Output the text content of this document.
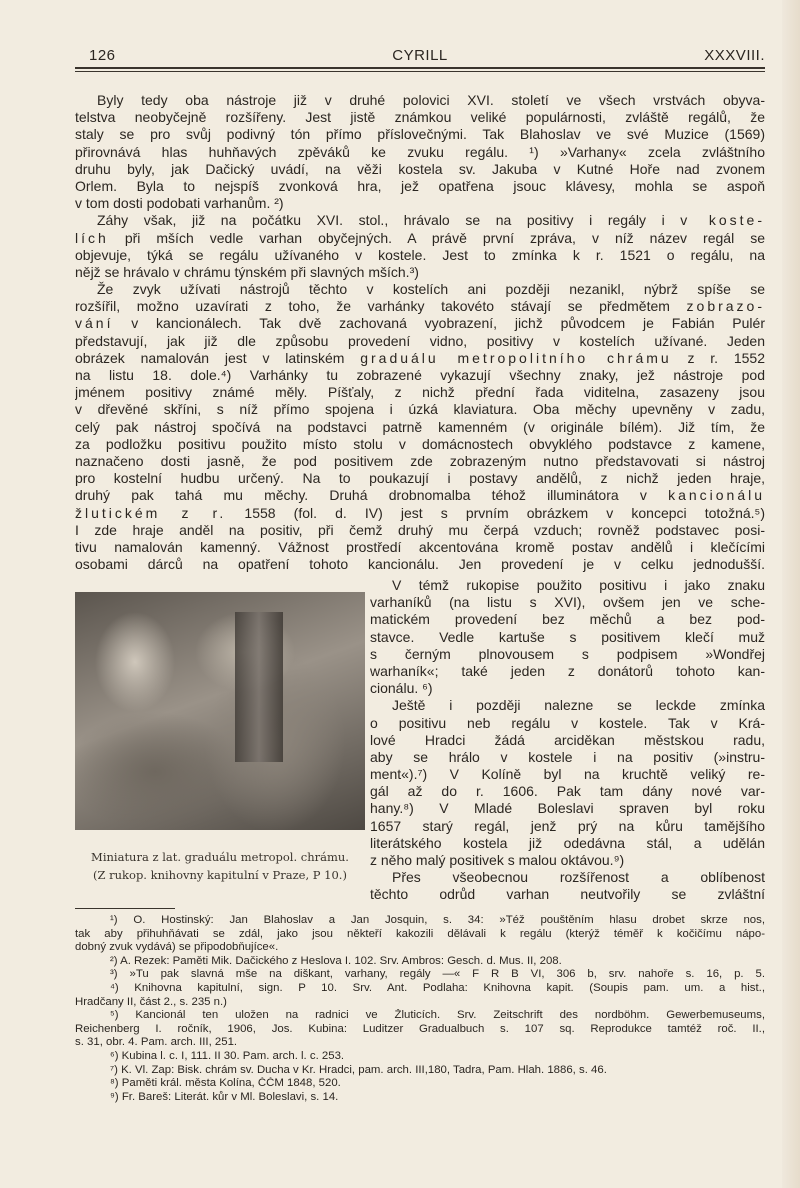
126	CYRILL	XXXVIII.
Byly tedy oba nástroje již v druhé polovici XVI. století ve všech vrstvách obyva-
telstva neobyčejně rozšířeny. Jest jistě známkou veliké populárnosti, zvláště regálů, že
staly se pro svůj podivný tón přímo příslovečnými. Tak Blahoslav ve své Muzice (1569)
přirovnává hlas huhňavých zpěváků ke zvuku regálu. ¹) »Varhany« zcela zvláštního
druhu byly, jak Dačický uvádí, na věži kostela sv. Jakuba v Kutné Hoře nad zvonem
Orlem. Byla to nejspíš zvonková hra, jež opatřena jsouc klávesy, mohla se aspoň
v tom dosti podobati varhanům. ²)
Záhy však, již na počátku XVI. stol., hrávalo se na positivy i regály i v koste-
lích při mších vedle varhan obyčejných. A právě první zpráva, v níž název regál se
objevuje, týká se regálu užívaného v kostele. Jest to zmínka k r. 1521 o regálu, na
nějž se hrávalo v chrámu týnském při slavných mších.³)
Že zvyk užívati nástrojů těchto v kostelích ani později nezanikl, nýbrž spíše se
rozšířil, možno uzavírati z toho, že varhánky takovéto stávají se předmětem zobrazo-
vání v kancionálech. Tak dvě zachovaná vyobrazení, jichž původcem je Fabián Pulér
představují, jak již dle způsobu provedení vidno, positivy v kostelích užívané. Jeden
obrázek namalován jest v latinském graduálu metropolitního chrámu z r. 1552
na listu 18. dole.⁴) Varhánky tu zobrazené vykazují všechny znaky, jež nástroje pod
jménem positivy známé měly. Píšťaly, z nichž přední řada viditelna, zasazeny jsou
v dřevěné skříni, s níž přímo spojena i úzká klaviatura. Oba měchy upevněny v zadu,
celý pak nástroj spočívá na podstavci patrně kamenném (v originále bílém). Již tím, že
za podložku positivu použito místo stolu v domácnostech obvyklého podstavce z kamene,
naznačeno dosti jasně, že pod positivem zde zobrazeným nutno představovati si nástroj
pro kostelní hudbu určený. Na to poukazují i postavy andělů, z nichž jeden hraje,
druhý pak tahá mu měchy. Druhá drobnomalba téhož illuminátora v kancionálu
žlutickém z r. 1558 (fol. d. IV) jest s prvním obrázkem v koncepci totožná.⁵)
I zde hraje anděl na positiv, při čemž druhý mu čerpá vzduch; rovněž podstavec posi-
tivu namalován kamenný. Vážnost prostředí akcentována kromě postav andělů i klečícími
osobami dárců na opatření tohoto kancionálu. Jen provedení je v celku jednodušší.
Miniatura z lat. graduálu metropol. chrámu.
(Z rukop. knihovny kapitulní v Praze, P 10.)
V témž rukopise použito positivu i jako znaku
varhaníků (na listu s XVI), ovšem jen ve sche-
matickém provedení bez měchů a bez pod-
stavce. Vedle kartuše s positivem klečí muž
s černým plnovousem s podpisem »Wondřej
warhaník«; také jeden z donátorů tohoto kan-
cionálu. ⁶)
Ještě i později nalezne se leckde zmínka
o positivu neb regálu v kostele. Tak v Krá-
lové Hradci žádá arciděkan městskou radu,
aby se hrálo v kostele i na positiv (»instru-
ment«).⁷) V Kolíně byl na kruchtě veliký re-
gál až do r. 1606. Pak tam dány nové var-
hany.⁸) V Mladé Boleslavi spraven byl roku
1657 starý regál, jenž prý na kůru tamějšího
literátského kostela již odedávna stál, a udělán
z něho malý positivek s malou oktávou.⁹)
Přes všeobecnou rozšířenost a oblíbenost
těchto odrůd varhan neutvořily se zvláštní
¹) O. Hostinský: Jan Blahoslav a Jan Josquin, s. 34: »Též pouštěním hlasu drobet skrze nos,
tak aby přihuhňávati se zdál, jako jsou někteří kakozili dělávali k regálu (kterýž téměř k kočičímu nápo-
dobný zvuk vydává) se připodobňujíce«.
²) A. Rezek: Paměti Mik. Dačického z Heslova I. 102. Srv. Ambros: Gesch. d. Mus. II, 208.
³) »Tu pak slavná mše na diškant, varhany, regály —« F R B VI, 306 b, srv. nahoře s. 16, p. 5.
⁴) Knihovna kapitulní, sign. P 10. Srv. Ant. Podlaha: Knihovna kapit. (Soupis pam. um. a hist.,
Hradčany II, část 2., s. 235 n.)
⁵) Kancionál ten uložen na radnici ve Žluticích. Srv. Zeitschrift des nordböhm. Gewerbemuseums,
Reichenberg I. ročník, 1906, Jos. Kubina: Luditzer Gradualbuch s. 107 sq. Reprodukce tamtéž roč. II.,
s. 31, obr. 4. Pam. arch. III, 251.
⁶) Kubina l. c. I, 111. II 30. Pam. arch. l. c. 253.
⁷) K. Vl. Zap: Bisk. chrám sv. Ducha v Kr. Hradci, pam. arch. III,180, Tadra, Pam. Hlah. 1886, s. 46.
⁸) Paměti král. města Kolína, ČČM 1848, 520.
⁹) Fr. Bareš: Literát. kůr v Ml. Boleslavi, s. 14.
